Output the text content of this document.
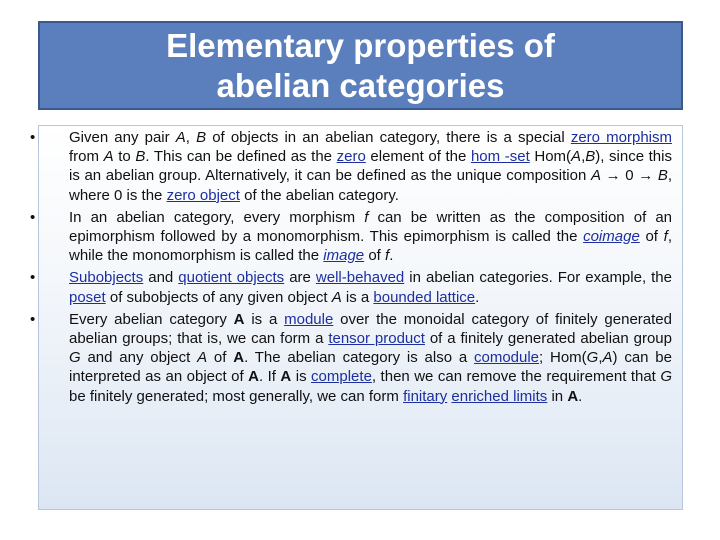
Elementary properties of
abelian categories
• Given any pair A, B of objects in an abelian category, there is a special zero morphism from A to B. This can be defined as the zero element of the hom -set Hom(A,B), since this is an abelian group. Alternatively, it can be defined as the unique composition A → 0 → B, where 0 is the zero object of the abelian category.
• In an abelian category, every morphism f can be written as the composition of an epimorphism followed by a monomorphism. This epimorphism is called the coimage of f, while the monomorphism is called the image of f.
• Subobjects and quotient objects are well-behaved in abelian categories. For example, the poset of subobjects of any given object A is a bounded lattice.
• Every abelian category A is a module over the monoidal category of finitely generated abelian groups; that is, we can form a tensor product of a finitely generated abelian group G and any object A of A. The abelian category is also a comodule; Hom(G,A) can be interpreted as an object of A. If A is complete, then we can remove the requirement that G be finitely generated; most generally, we can form finitary enriched limits in A.
